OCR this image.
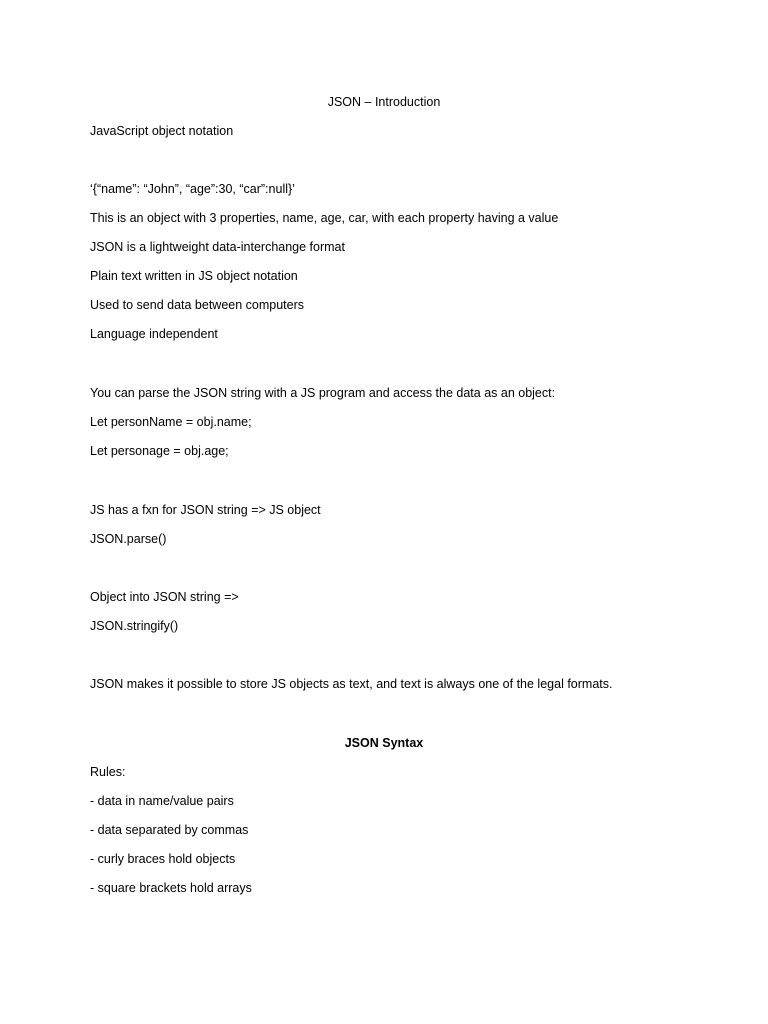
JSON – Introduction
JavaScript object notation
‘{“name”: “John”, “age”:30, “car”:null}’
This is an object with 3 properties, name, age, car, with each property having a value
JSON is a lightweight data-interchange format
Plain text written in JS object notation
Used to send data between computers
Language independent
You can parse the JSON string with a JS program and access the data as an object:
Let personName = obj.name;
Let personage = obj.age;
JS has a fxn for JSON string => JS object
JSON.parse()
Object into JSON string =>
JSON.stringify()
JSON makes it possible to store JS objects as text, and text is always one of the legal formats.
JSON Syntax
Rules:
- data in name/value pairs
- data separated by commas
- curly braces hold objects
- square brackets hold arrays
